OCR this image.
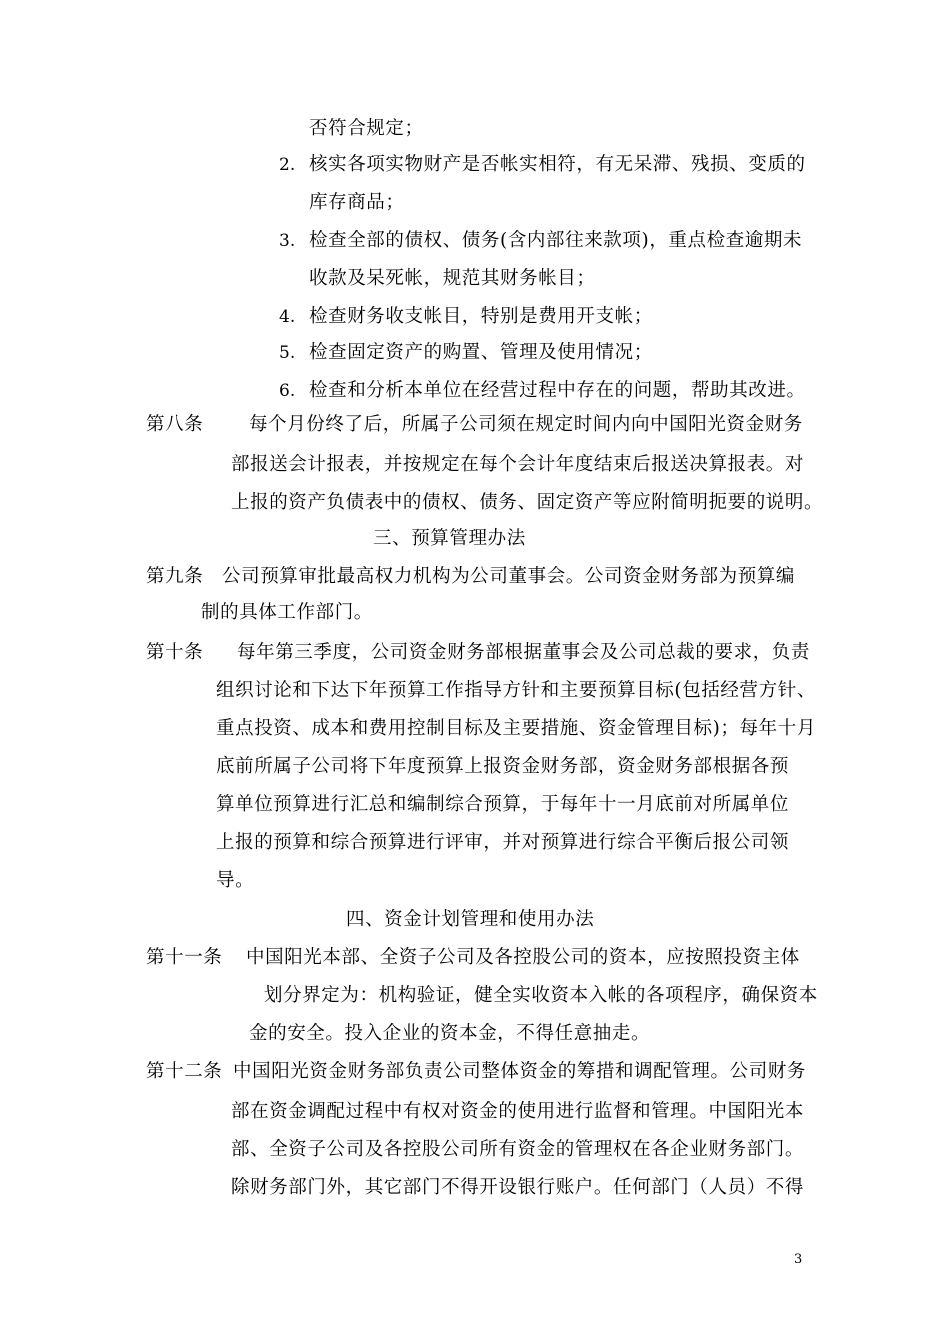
否符合规定；
2. 核实各项实物财产是否帐实相符，有无呆滞、残损、变质的
库存商品；
3. 检查全部的债权、债务(含内部往来款项)，重点检查逾期未
收款及呆死帐，规范其财务帐目；
4. 检查财务收支帐目，特别是费用开支帐；
5. 检查固定资产的购置、管理及使用情况；
6. 检查和分析本单位在经营过程中存在的问题，帮助其改进。
第八条 每个月份终了后，所属子公司须在规定时间内向中国阳光资金财务
部报送会计报表，并按规定在每个会计年度结束后报送决算报表。对
上报的资产负债表中的债权、债务、固定资产等应附简明扼要的说明。
三、预算管理办法
第九条 公司预算审批最高权力机构为公司董事会。公司资金财务部为预算编
制的具体工作部门。
第十条 每年第三季度，公司资金财务部根据董事会及公司总裁的要求，负责
组织讨论和下达下年预算工作指导方针和主要预算目标(包括经营方针、
重点投资、成本和费用控制目标及主要措施、资金管理目标)；每年十月
底前所属子公司将下年度预算上报资金财务部，资金财务部根据各预
算单位预算进行汇总和编制综合预算，于每年十一月底前对所属单位
上报的预算和综合预算进行评审，并对预算进行综合平衡后报公司领
导。
四、资金计划管理和使用办法
第十一条 中国阳光本部、全资子公司及各控股公司的资本，应按照投资主体
划分界定为：机构验证，健全实收资本入帐的各项程序，确保资本
金的安全。投入企业的资本金，不得任意抽走。
第十二条 中国阳光资金财务部负责公司整体资金的筹措和调配管理。公司财务
部在资金调配过程中有权对资金的使用进行监督和管理。中国阳光本
部、全资子公司及各控股公司所有资金的管理权在各企业财务部门。
除财务部门外，其它部门不得开设银行账户。任何部门（人员）不得
3
